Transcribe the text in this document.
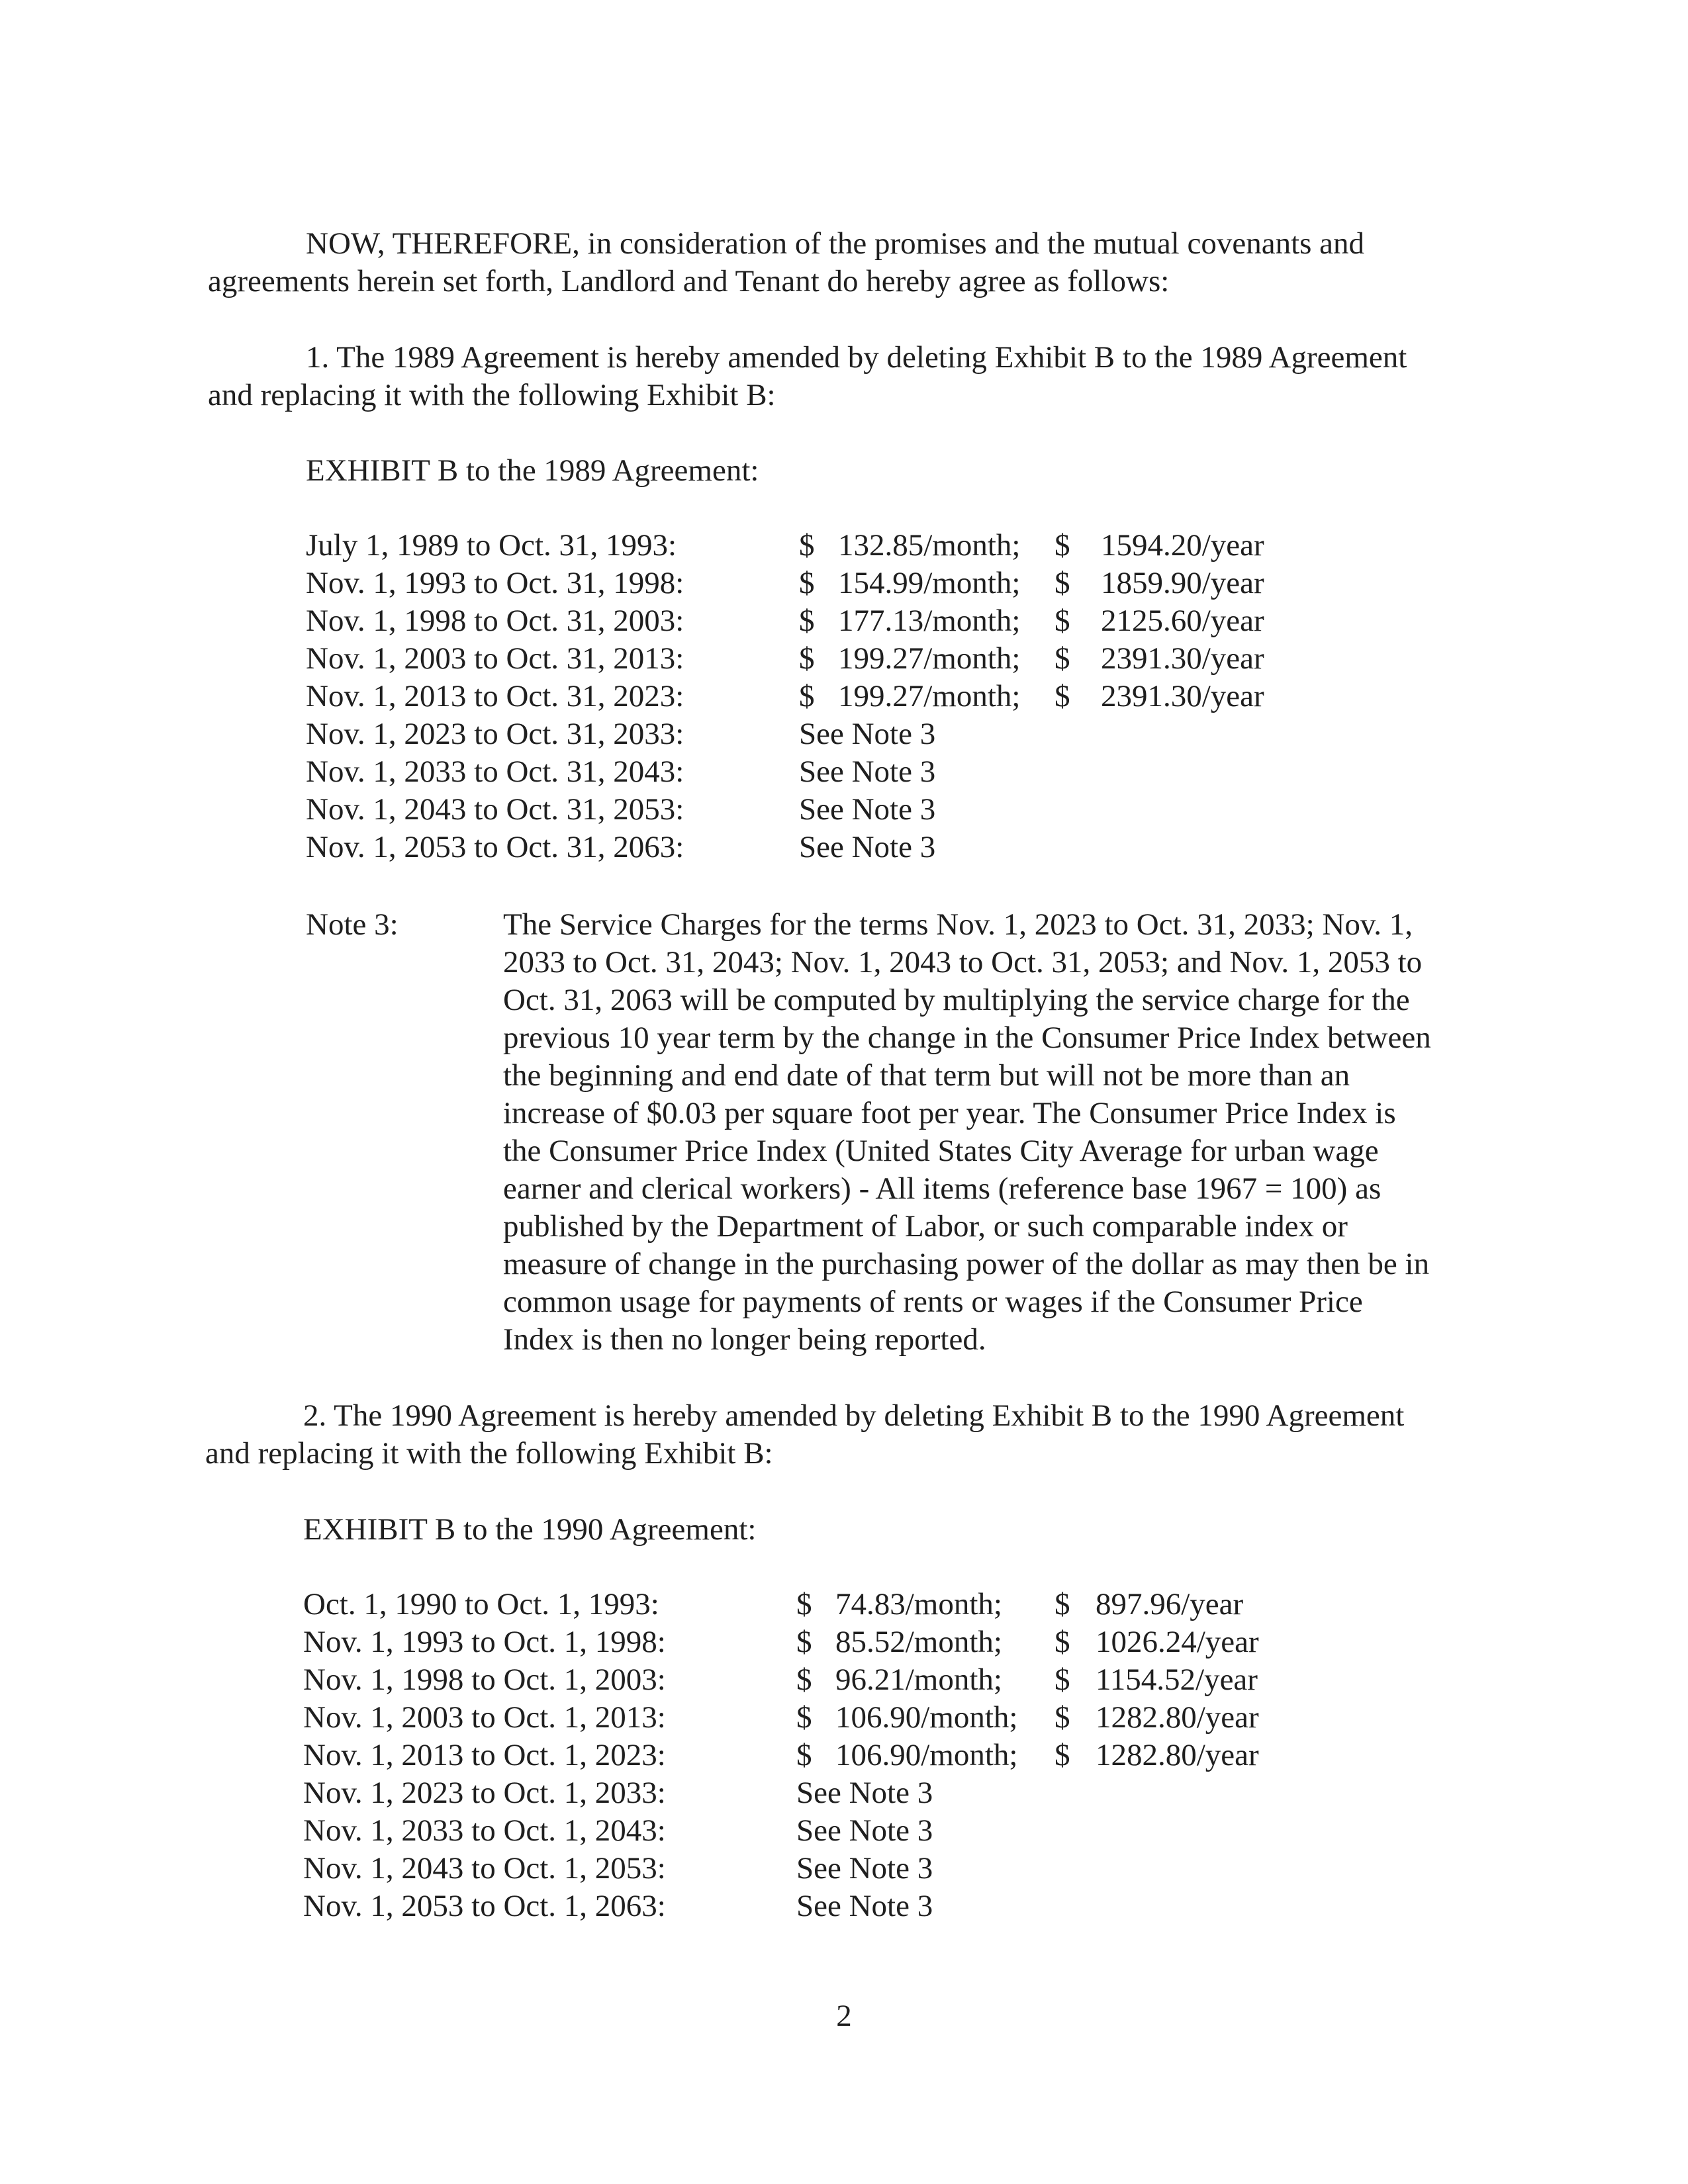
NOW, THEREFORE, in consideration of the promises and the mutual covenants and
agreements herein set forth, Landlord and Tenant do hereby agree as follows:
1. The 1989 Agreement is hereby amended by deleting Exhibit B to the 1989 Agreement
and replacing it with the following Exhibit B:
EXHIBIT B to the 1989 Agreement:
July 1, 1989 to Oct. 31, 1993:	$ 132.85/month; $ 1594.20/year
Nov. 1, 1993 to Oct. 31, 1998:	$ 154.99/month; $ 1859.90/year
Nov. 1, 1998 to Oct. 31, 2003:	$ 177.13/month; $ 2125.60/year
Nov. 1, 2003 to Oct. 31, 2013:	$ 199.27/month; $ 2391.30/year
Nov. 1, 2013 to Oct. 31, 2023:	$ 199.27/month; $ 2391.30/year
Nov. 1, 2023 to Oct. 31, 2033:	See Note 3
Nov. 1, 2033 to Oct. 31, 2043:	See Note 3
Nov. 1, 2043 to Oct. 31, 2053:	See Note 3
Nov. 1, 2053 to Oct. 31, 2063:	See Note 3
Note 3:	The Service Charges for the terms Nov. 1, 2023 to Oct. 31, 2033; Nov. 1,
2033 to Oct. 31, 2043; Nov. 1, 2043 to Oct. 31, 2053; and Nov. 1, 2053 to
Oct. 31, 2063 will be computed by multiplying the service charge for the
previous 10 year term by the change in the Consumer Price Index between
the beginning and end date of that term but will not be more than an
increase of $0.03 per square foot per year. The Consumer Price Index is
the Consumer Price Index (United States City Average for urban wage
earner and clerical workers) - All items (reference base 1967 = 100) as
published by the Department of Labor, or such comparable index or
measure of change in the purchasing power of the dollar as may then be in
common usage for payments of rents or wages if the Consumer Price
Index is then no longer being reported.
2. The 1990 Agreement is hereby amended by deleting Exhibit B to the 1990 Agreement
and replacing it with the following Exhibit B:
EXHIBIT B to the 1990 Agreement:
Oct. 1, 1990 to Oct. 1, 1993:	$ 74.83/month; $ 897.96/year
Nov. 1, 1993 to Oct. 1, 1998:	$ 85.52/month; $ 1026.24/year
Nov. 1, 1998 to Oct. 1, 2003:	$ 96.21/month; $ 1154.52/year
Nov. 1, 2003 to Oct. 1, 2013:	$ 106.90/month; $ 1282.80/year
Nov. 1, 2013 to Oct. 1, 2023:	$ 106.90/month; $ 1282.80/year
Nov. 1, 2023 to Oct. 1, 2033:	See Note 3
Nov. 1, 2033 to Oct. 1, 2043:	See Note 3
Nov. 1, 2043 to Oct. 1, 2053:	See Note 3
Nov. 1, 2053 to Oct. 1, 2063:	See Note 3
2
